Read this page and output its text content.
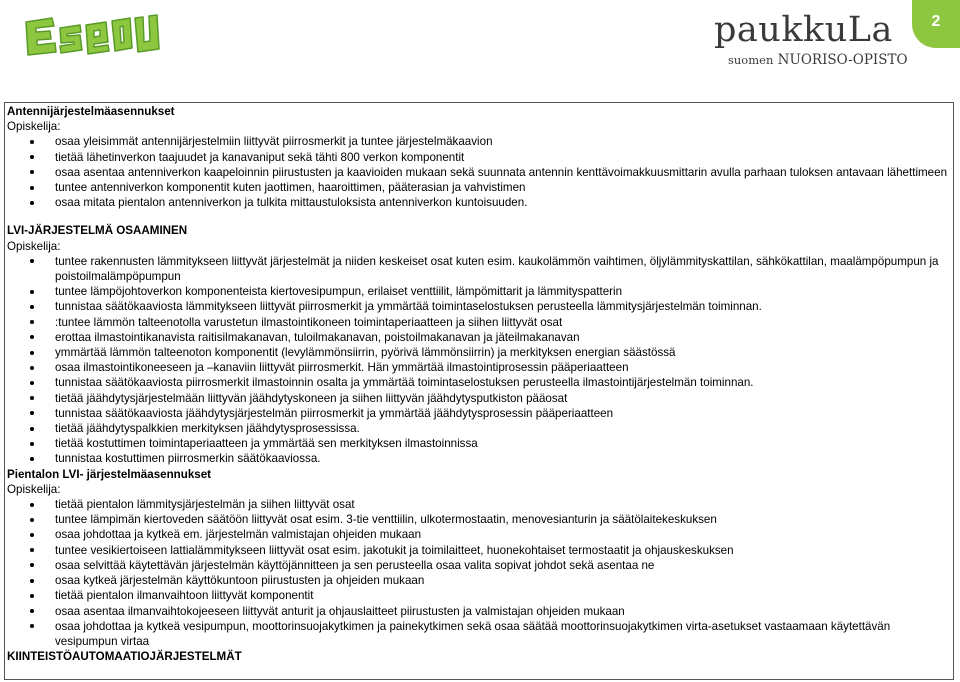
paukkuLa
suomen NUORISO-OPISTO
2

Antennijärjestelmäasennukset

Opiskelija:

osaa yleisimmät antennijärjestelmiin liittyvät piirrosmerkit ja tuntee järjestelmäkaavion
tietää lähetinverkon taajuudet ja kanavaniput sekä tähti 800 verkon komponentit
osaa asentaa antenniverkon kaapeloinnin piirustusten ja kaavioiden mukaan sekä suunnata antennin kenttävoimakkuusmittarin avulla parhaan tuloksen antavaan lähettimeen
tuntee antenniverkon komponentit kuten jaottimen, haaroittimen, pääterasian ja vahvistimen
osaa mitata pientalon antenniverkon ja tulkita mittaustuloksista antenniverkon kuntoisuuden.

LVI-JÄRJESTELMÄ OSAAMINEN

Opiskelija:

tuntee rakennusten lämmitykseen liittyvät järjestelmät ja niiden keskeiset osat kuten esim. kaukolämmön vaihtimen, öljylämmityskattilan, sähkökattilan, maalämpöpumpun ja poistoilmalämpöpumpun
tuntee lämpöjohtoverkon komponenteista kiertovesipumpun, erilaiset venttiilit, lämpömittarit ja lämmityspatterin
tunnistaa säätökaaviosta lämmitykseen liittyvät piirrosmerkit ja ymmärtää toimintaselostuksen perusteella lämmitysjärjestelmän toiminnan.
:tuntee lämmön talteenotolla varustetun ilmastointikoneen toimintaperiaatteen ja siihen liittyvät osat
erottaa ilmastointikanavista raitisilmakanavan, tuloilmakanavan, poistoilmakanavan ja jäteilmakanavan
ymmärtää lämmön talteenoton komponentit (levylämmönsiirrin, pyörivä lämmönsiirrin) ja merkityksen energian säästössä
osaa ilmastointikoneeseen ja –kanaviin liittyvät piirrosmerkit. Hän ymmärtää ilmastointiprosessin pääperiaatteen
tunnistaa säätökaaviosta piirrosmerkit ilmastoinnin osalta ja ymmärtää toimintaselostuksen perusteella ilmastointijärjestelmän toiminnan.
tietää jäähdytysjärjestelmään liittyvän jäähdytyskoneen ja siihen liittyvän jäähdytysputkiston pääosat
tunnistaa säätökaaviosta jäähdytysjärjestelmän piirrosmerkit ja ymmärtää jäähdytysprosessin pääperiaatteen
tietää jäähdytyspalkkien merkityksen jäähdytysprosessissa.
tietää kostuttimen toimintaperiaatteen ja ymmärtää sen merkityksen ilmastoinnissa
tunnistaa kostuttimen piirrosmerkin säätökaaviossa.

Pientalon LVI- järjestelmäasennukset

Opiskelija:

tietää pientalon lämmitysjärjestelmän ja siihen liittyvät osat
tuntee lämpimän kiertoveden säätöön liittyvät osat esim. 3-tie venttiilin, ulkotermostaatin, menovesianturin ja säätölaitekeskuksen
osaa johdottaa ja kytkeä em. järjestelmän valmistajan ohjeiden mukaan
tuntee vesikiertoiseen lattialämmitykseen liittyvät osat esim. jakotukit ja toimilaitteet, huonekohtaiset termostaatit ja ohjauskeskuksen
osaa selvittää käytettävän järjestelmän käyttöjännitteen ja sen perusteella osaa valita sopivat johdot sekä asentaa ne
osaa kytkeä järjestelmän käyttökuntoon piirustusten ja ohjeiden mukaan
tietää pientalon ilmanvaihtoon liittyvät komponentit
osaa asentaa ilmanvaihtokojeeseen liittyvät anturit ja ohjauslaitteet piirustusten ja valmistajan ohjeiden mukaan
osaa johdottaa ja kytkeä vesipumpun, moottorinsuojakytkimen ja painekytkimen sekä osaa säätää moottorinsuojakytkimen virta-asetukset vastaamaan käytettävän vesipumpun virtaa

KIINTEISTÖAUTOMAATIOJÄRJESTELMÄT
